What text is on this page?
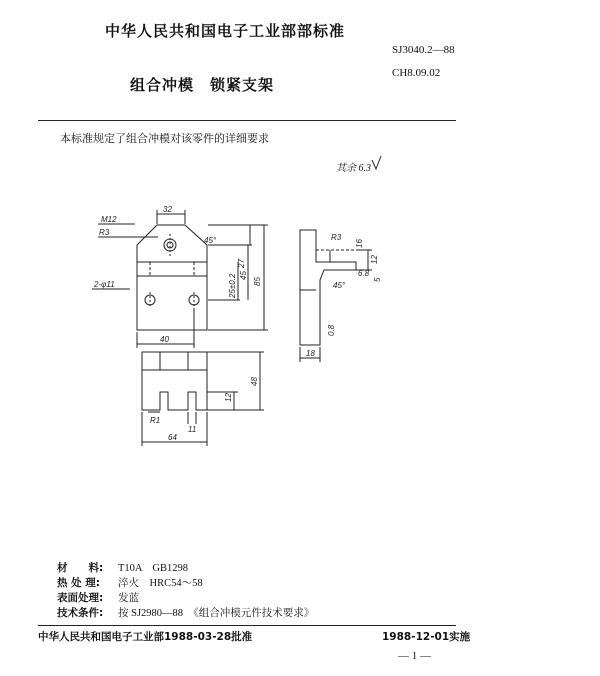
中华人民共和国电子工业部部标准
SJ3040.2—88
组合冲模　锁紧支架
CH8.09.02
本标准规定了组合冲模对该零件的详细要求
其余 6.3
32
M12
R3
45°
27
25±0.2 85
45
2-φ11
40
R1
11
12
48
64
R3
16
6.8
12
5
45°
0.8
18
材　　料: T10A　GB1298
热 处 理: 淬火　HRC54～58
表面处理: 发蓝
技术条件: 按 SJ2980—88　《组合冲模元件技术要求》
中华人民共和国电子工业部1988-03-28批准	1988-12-01实施
— 1 —
